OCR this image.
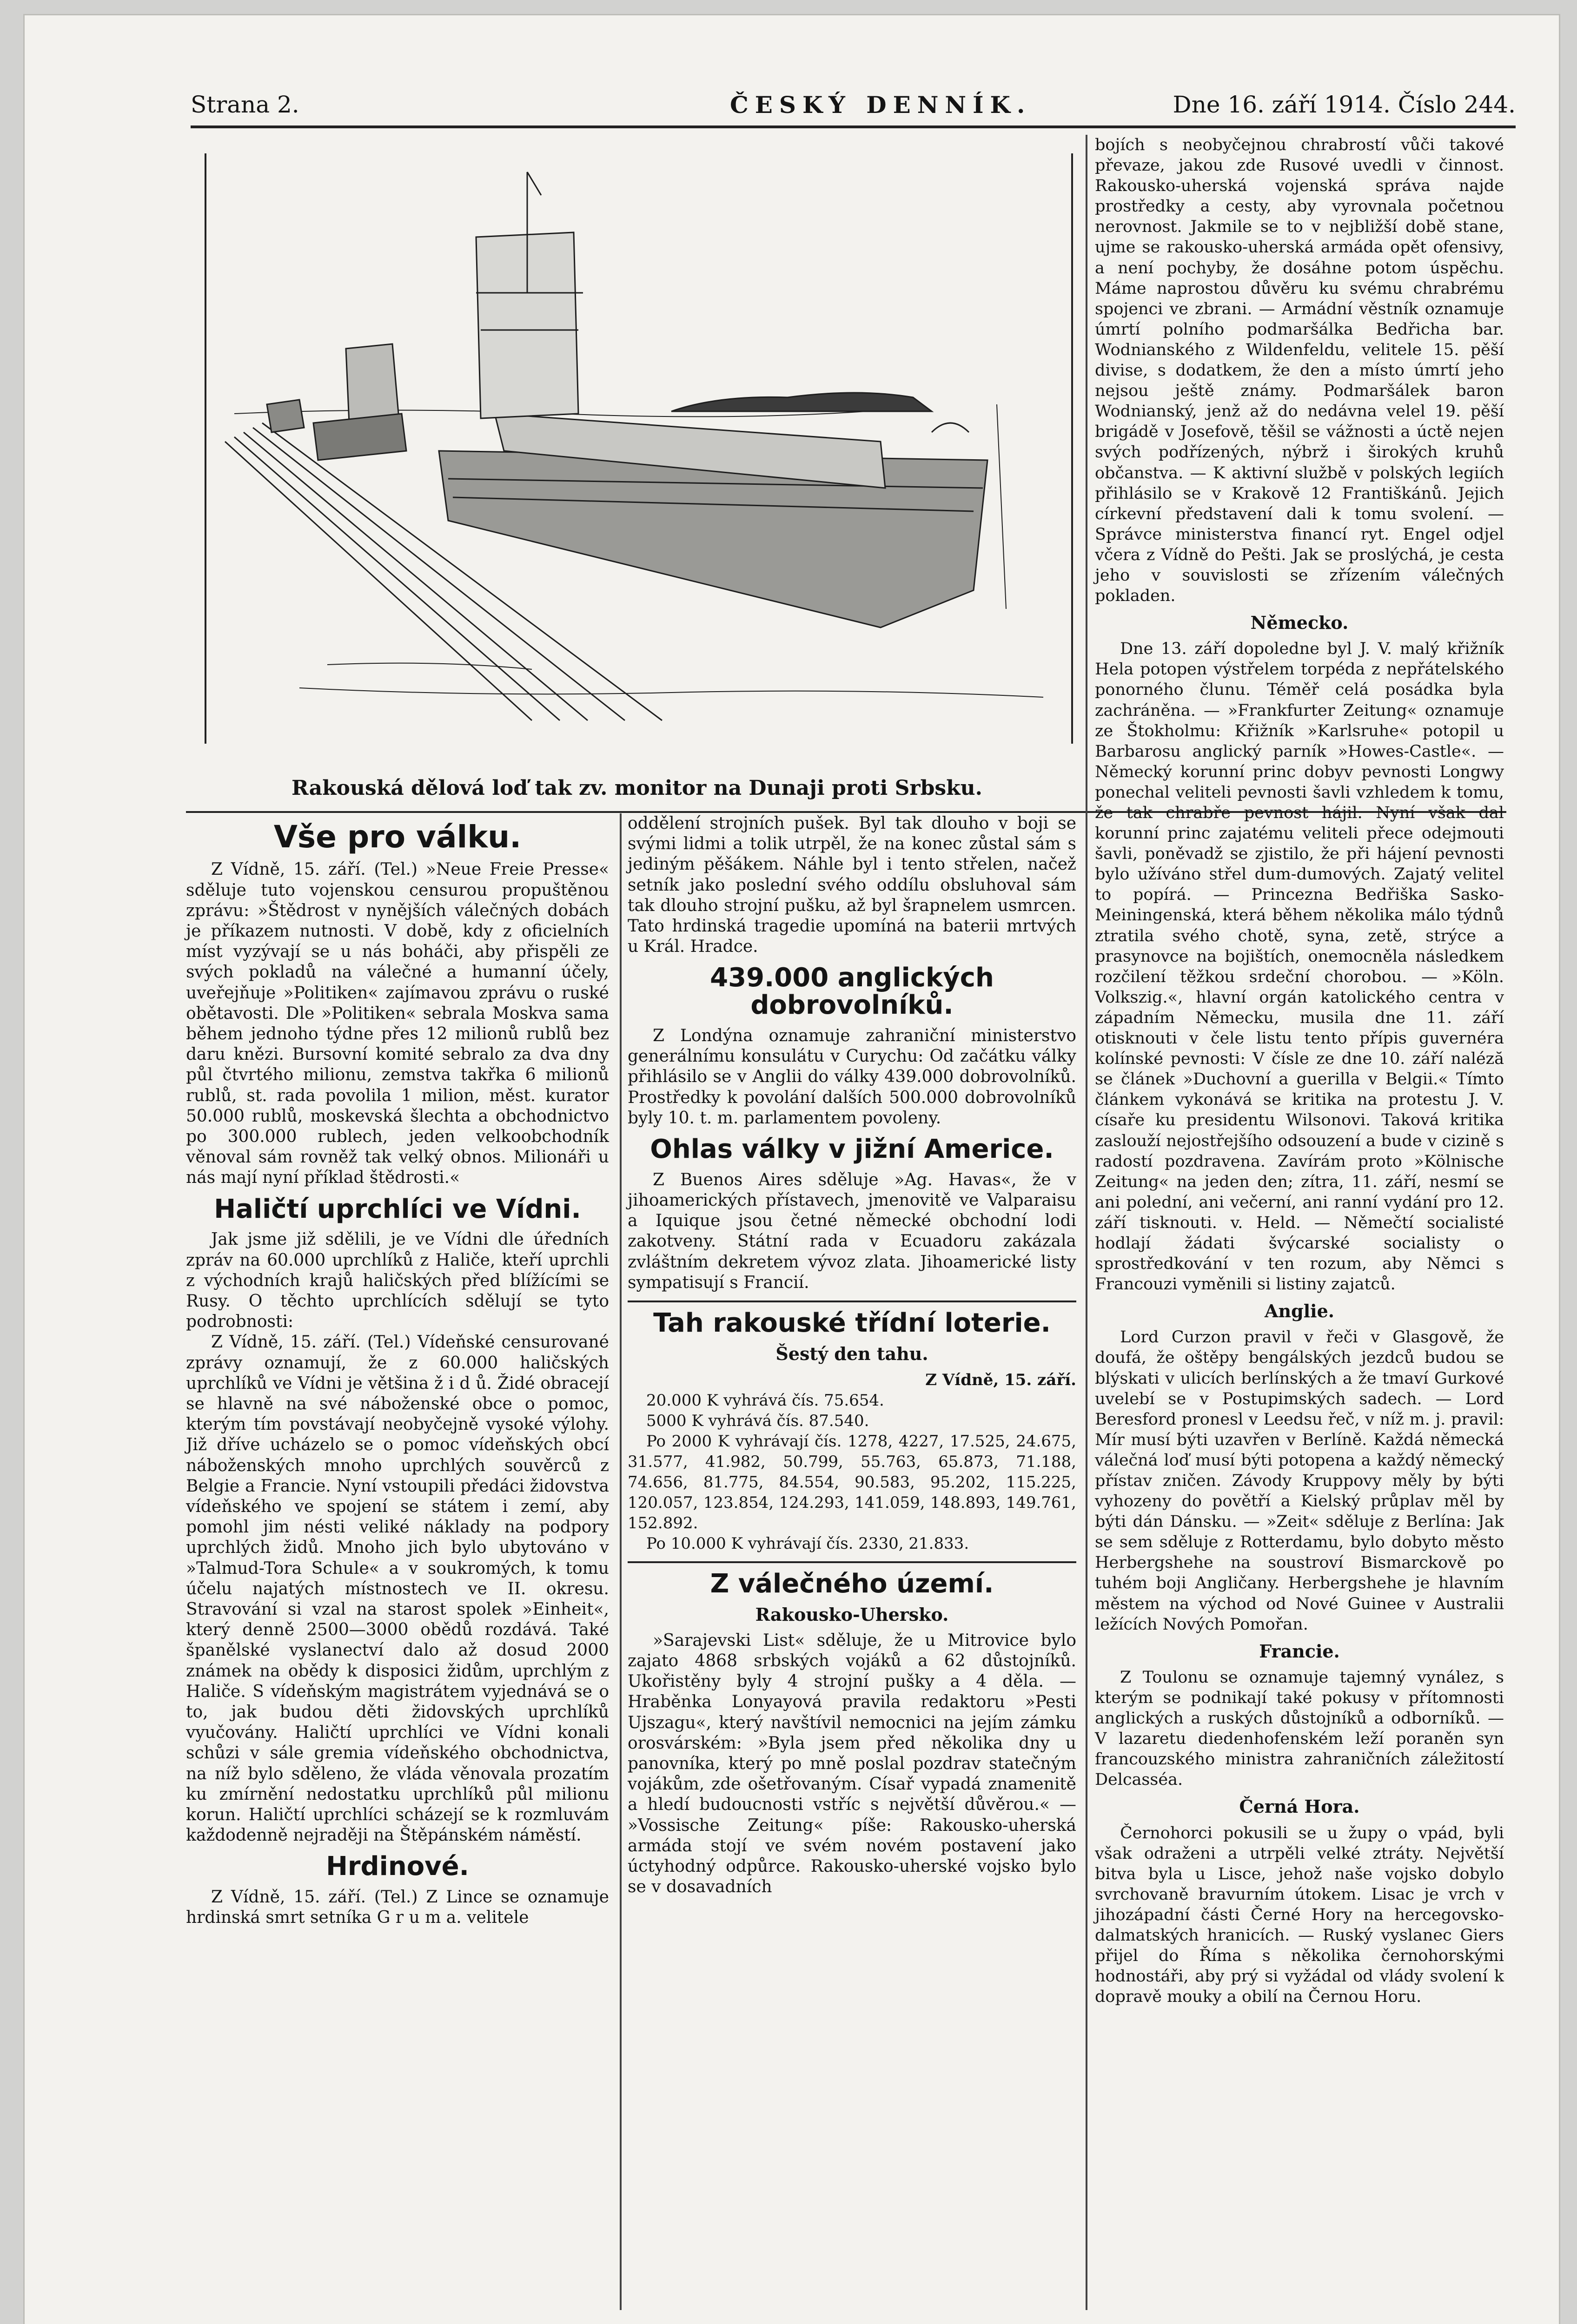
Strana 2.	ČESKÝ DENNÍK.	Dne 16. září 1914. Číslo 244.
Rakouská dělová loď tak zv. monitor na Dunaji proti Srbsku.
Vše pro válku.

Z Vídně, 15. září. (Tel.) »Neue Freie Presse« sděluje tuto vojenskou censurou propuštěnou zprávu: »Štědrost v nynějších válečných dobách je příkazem nutnosti. V době, kdy z oficielních míst vyzývají se u nás boháči, aby přispěli ze svých pokladů na válečné a humanní účely, uveřejňuje »Politiken« zajímavou zprávu o ruské obětavosti. Dle »Politiken« sebrala Moskva sama během jednoho týdne přes 12 milionů rublů bez daru knězi. Bursovní komité sebralo za dva dny půl čtvrtého milionu, zemstva takřka 6 milionů rublů, st. rada povolila 1 milion, měst. kurator 50.000 rublů, moskevská šlechta a obchodnictvo po 300.000 rublech, jeden velkoobchodník věnoval sám rovněž tak velký obnos. Milionáři u nás mají nyní příklad štědrosti.«

Haličtí uprchlíci ve Vídni.

Jak jsme již sdělili, je ve Vídni dle úředních zpráv na 60.000 uprchlíků z Haliče, kteří uprchli z východních krajů haličských před blížícími se Rusy. O těchto uprchlících sdělují se tyto podrobnosti:

Z Vídně, 15. září. (Tel.) Vídeňské censurované zprávy oznamují, že z 60.000 haličských uprchlíků ve Vídni je většina ž i d ů. Židé obracejí se hlavně na své náboženské obce o pomoc, kterým tím povstávají neobyčejně vysoké výlohy. Již dříve ucházelo se o pomoc vídeňských obcí náboženských mnoho uprchlých souvěrců z Belgie a Francie. Nyní vstoupili předáci židovstva vídeňského ve spojení se státem i zemí, aby pomohl jim nésti veliké náklady na podpory uprchlých židů. Mnoho jich bylo ubytováno v »Talmud-Tora Schule« a v soukromých, k tomu účelu najatých místnostech ve II. okresu. Stravování si vzal na starost spolek »Einheit«, který denně 2500—3000 obědů rozdává. Také španělské vyslanectví dalo až dosud 2000 známek na obědy k disposici židům, uprchlým z Haliče. S vídeňským magistrátem vyjednává se o to, jak budou děti židovských uprchlíků vyučovány. Haličtí uprchlíci ve Vídni konali schůzi v sále gremia vídeňského obchodnictva, na níž bylo sděleno, že vláda věnovala prozatím ku zmírnění nedostatku uprchlíků půl milionu korun. Haličtí uprchlíci scházejí se k rozmluvám každodenně nejraději na Štěpánském náměstí.

Hrdinové.

Z Vídně, 15. září. (Tel.) Z Lince se oznamuje hrdinská smrt setníka G r u m a. velitele

oddělení strojních pušek. Byl tak dlouho v boji se svými lidmi a tolik utrpěl, že na konec zůstal sám s jediným pěšákem. Náhle byl i tento střelen, načež setník jako poslední svého oddílu obsluhoval sám tak dlouho strojní pušku, až byl šrapnelem usmrcen. Tato hrdinská tragedie upomíná na baterii mrtvých u Král. Hradce.

439.000 anglických dobrovolníků.

Z Londýna oznamuje zahraniční ministerstvo generálnímu konsulátu v Curychu: Od začátku války přihlásilo se v Anglii do války 439.000 dobrovolníků. Prostředky k povolání dalších 500.000 dobrovolníků byly 10. t. m. parlamentem povoleny.

Ohlas války v jižní Americe.

Z Buenos Aires sděluje »Ag. Havas«, že v jihoamerických přístavech, jmenovitě ve Valparaisu a Iquique jsou četné německé obchodní lodi zakotveny. Státní rada v Ecuadoru zakázala zvláštním dekretem vývoz zlata. Jihoamerické listy sympatisují s Francií.

Tah rakouské třídní loterie.
Šestý den tahu.
Z Vídně, 15. září.

20.000 K vyhrává čís. 75.654.

5000 K vyhrává čís. 87.540.

Po 2000 K vyhrávají čís. 1278, 4227, 17.525, 24.675, 31.577, 41.982, 50.799, 55.763, 65.873, 71.188, 74.656, 81.775, 84.554, 90.583, 95.202, 115.225, 120.057, 123.854, 124.293, 141.059, 148.893, 149.761, 152.892.

Po 10.000 K vyhrávají čís. 2330, 21.833.

Z válečného území.
Rakousko-Uhersko.

»Sarajevski List« sděluje, že u Mitrovice bylo zajato 4868 srbských vojáků a 62 důstojníků. Ukořistěny byly 4 strojní pušky a 4 děla. — Hraběnka Lonyayová pravila redaktoru »Pesti Ujszagu«, který navštívil nemocnici na jejím zámku orosvárském: »Byla jsem před několika dny u panovníka, který po mně poslal pozdrav statečným vojákům, zde ošetřovaným. Císař vypadá znamenitě a hledí budoucnosti vstříc s největší důvěrou.« — »Vossische Zeitung« píše: Rakousko-uherská armáda stojí ve svém novém postavení jako úctyhodný odpůrce. Rakousko-uherské vojsko bylo se v dosavadních

bojích s neobyčejnou chrabrostí vůči takové převaze, jakou zde Rusové uvedli v činnost. Rakousko-uherská vojenská správa najde prostředky a cesty, aby vyrovnala početnou nerovnost. Jakmile se to v nejbližší době stane, ujme se rakousko-uherská armáda opět ofensivy, a není pochyby, že dosáhne potom úspěchu. Máme naprostou důvěru ku svému chrabrému spojenci ve zbrani. — Armádní věstník oznamuje úmrtí polního podmaršálka Bedřicha bar. Wodnianského z Wildenfeldu, velitele 15. pěší divise, s dodatkem, že den a místo úmrtí jeho nejsou ještě známy. Podmaršálek baron Wodnianský, jenž až do nedávna velel 19. pěší brigádě v Josefově, těšil se vážnosti a úctě nejen svých podřízených, nýbrž i širokých kruhů občanstva. — K aktivní službě v polských legiích přihlásilo se v Krakově 12 Františkánů. Jejich církevní představení dali k tomu svolení. — Správce ministerstva financí ryt. Engel odjel včera z Vídně do Pešti. Jak se proslýchá, je cesta jeho v souvislosti se zřízením válečných pokladen.

Německo.

Dne 13. září dopoledne byl J. V. malý křižník Hela potopen výstřelem torpéda z nepřátelského ponorného člunu. Téměř celá posádka byla zachráněna. — »Frankfurter Zeitung« oznamuje ze Štokholmu: Křižník »Karlsruhe« potopil u Barbarosu anglický parník »Howes-Castle«. — Německý korunní princ dobyv pevnosti Longwy ponechal veliteli pevnosti šavli vzhledem k tomu, že tak chrabře pevnost hájil. Nyní však dal korunní princ zajatému veliteli přece odejmouti šavli, poněvadž se zjistilo, že při hájení pevnosti bylo užíváno střel dum-dumových. Zajatý velitel to popírá. — Princezna Bedřiška Sasko-Meiningenská, která během několika málo týdnů ztratila svého chotě, syna, zetě, strýce a prasynovce na bojištích, onemocněla následkem rozčilení těžkou srdeční chorobou. — »Köln. Volkszig.«, hlavní orgán katolického centra v západním Německu, musila dne 11. září otisknouti v čele listu tento přípis guvernéra kolínské pevnosti: V čísle ze dne 10. září naléză se článek »Duchovní a guerilla v Belgii.« Tímto článkem vykonává se kritika na protestu J. V. císaře ku presidentu Wilsonovi. Taková kritika zaslouží nejostřejšího odsouzení a bude v cizině s radostí pozdravena. Zavírám proto »Kölnische Zeitung« na jeden den; zítra, 11. září, nesmí se ani polední, ani večerní, ani ranní vydání pro 12. září tisknouti. v. Held. — Němečtí socialisté hodlají žádati švýcarské socialisty o sprostředkování v ten rozum, aby Němci s Francouzi vyměnili si listiny zajatců.

Anglie.

Lord Curzon pravil v řeči v Glasgově, že doufá, že oštěpy bengálských jezdců budou se blýskati v ulicích berlínských a že tmaví Gurkové uvelebí se v Postupimských sadech. — Lord Beresford pronesl v Leedsu řeč, v níž m. j. pravil: Mír musí býti uzavřen v Berlíně. Každá německá válečná loď musí býti potopena a každý německý přístav zničen. Závody Kruppovy měly by býti vyhozeny do povětří a Kielský průplav měl by býti dán Dánsku. — »Zeit« sděluje z Berlína: Jak se sem sděluje z Rotterdamu, bylo dobyto město Herbergshehe na soustroví Bismarckově po tuhém boji Angličany. Herbergshehe je hlavním městem na východ od Nové Guinee v Australii ležících Nových Pomořan.

Francie.

Z Toulonu se oznamuje tajemný vynález, s kterým se podnikají také pokusy v přítomnosti anglických a ruských důstojníků a odborníků. — V lazaretu diedenhofenském leží poraněn syn francouzského ministra zahraničních záležitostí Delcasséa.

Černá Hora.

Černohorci pokusili se u župy o vpád, byli však odraženi a utrpěli velké ztráty. Největší bitva byla u Lisce, jehož naše vojsko dobylo svrchovaně bravurním útokem. Lisac je vrch v jihozápadní části Černé Hory na hercegovsko-dalmatských hranicích. — Ruský vyslanec Giers přijel do Říma s několika černohorskými hodnostáři, aby prý si vyžádal od vlády svolení k dopravě mouky a obilí na Černou Horu.
